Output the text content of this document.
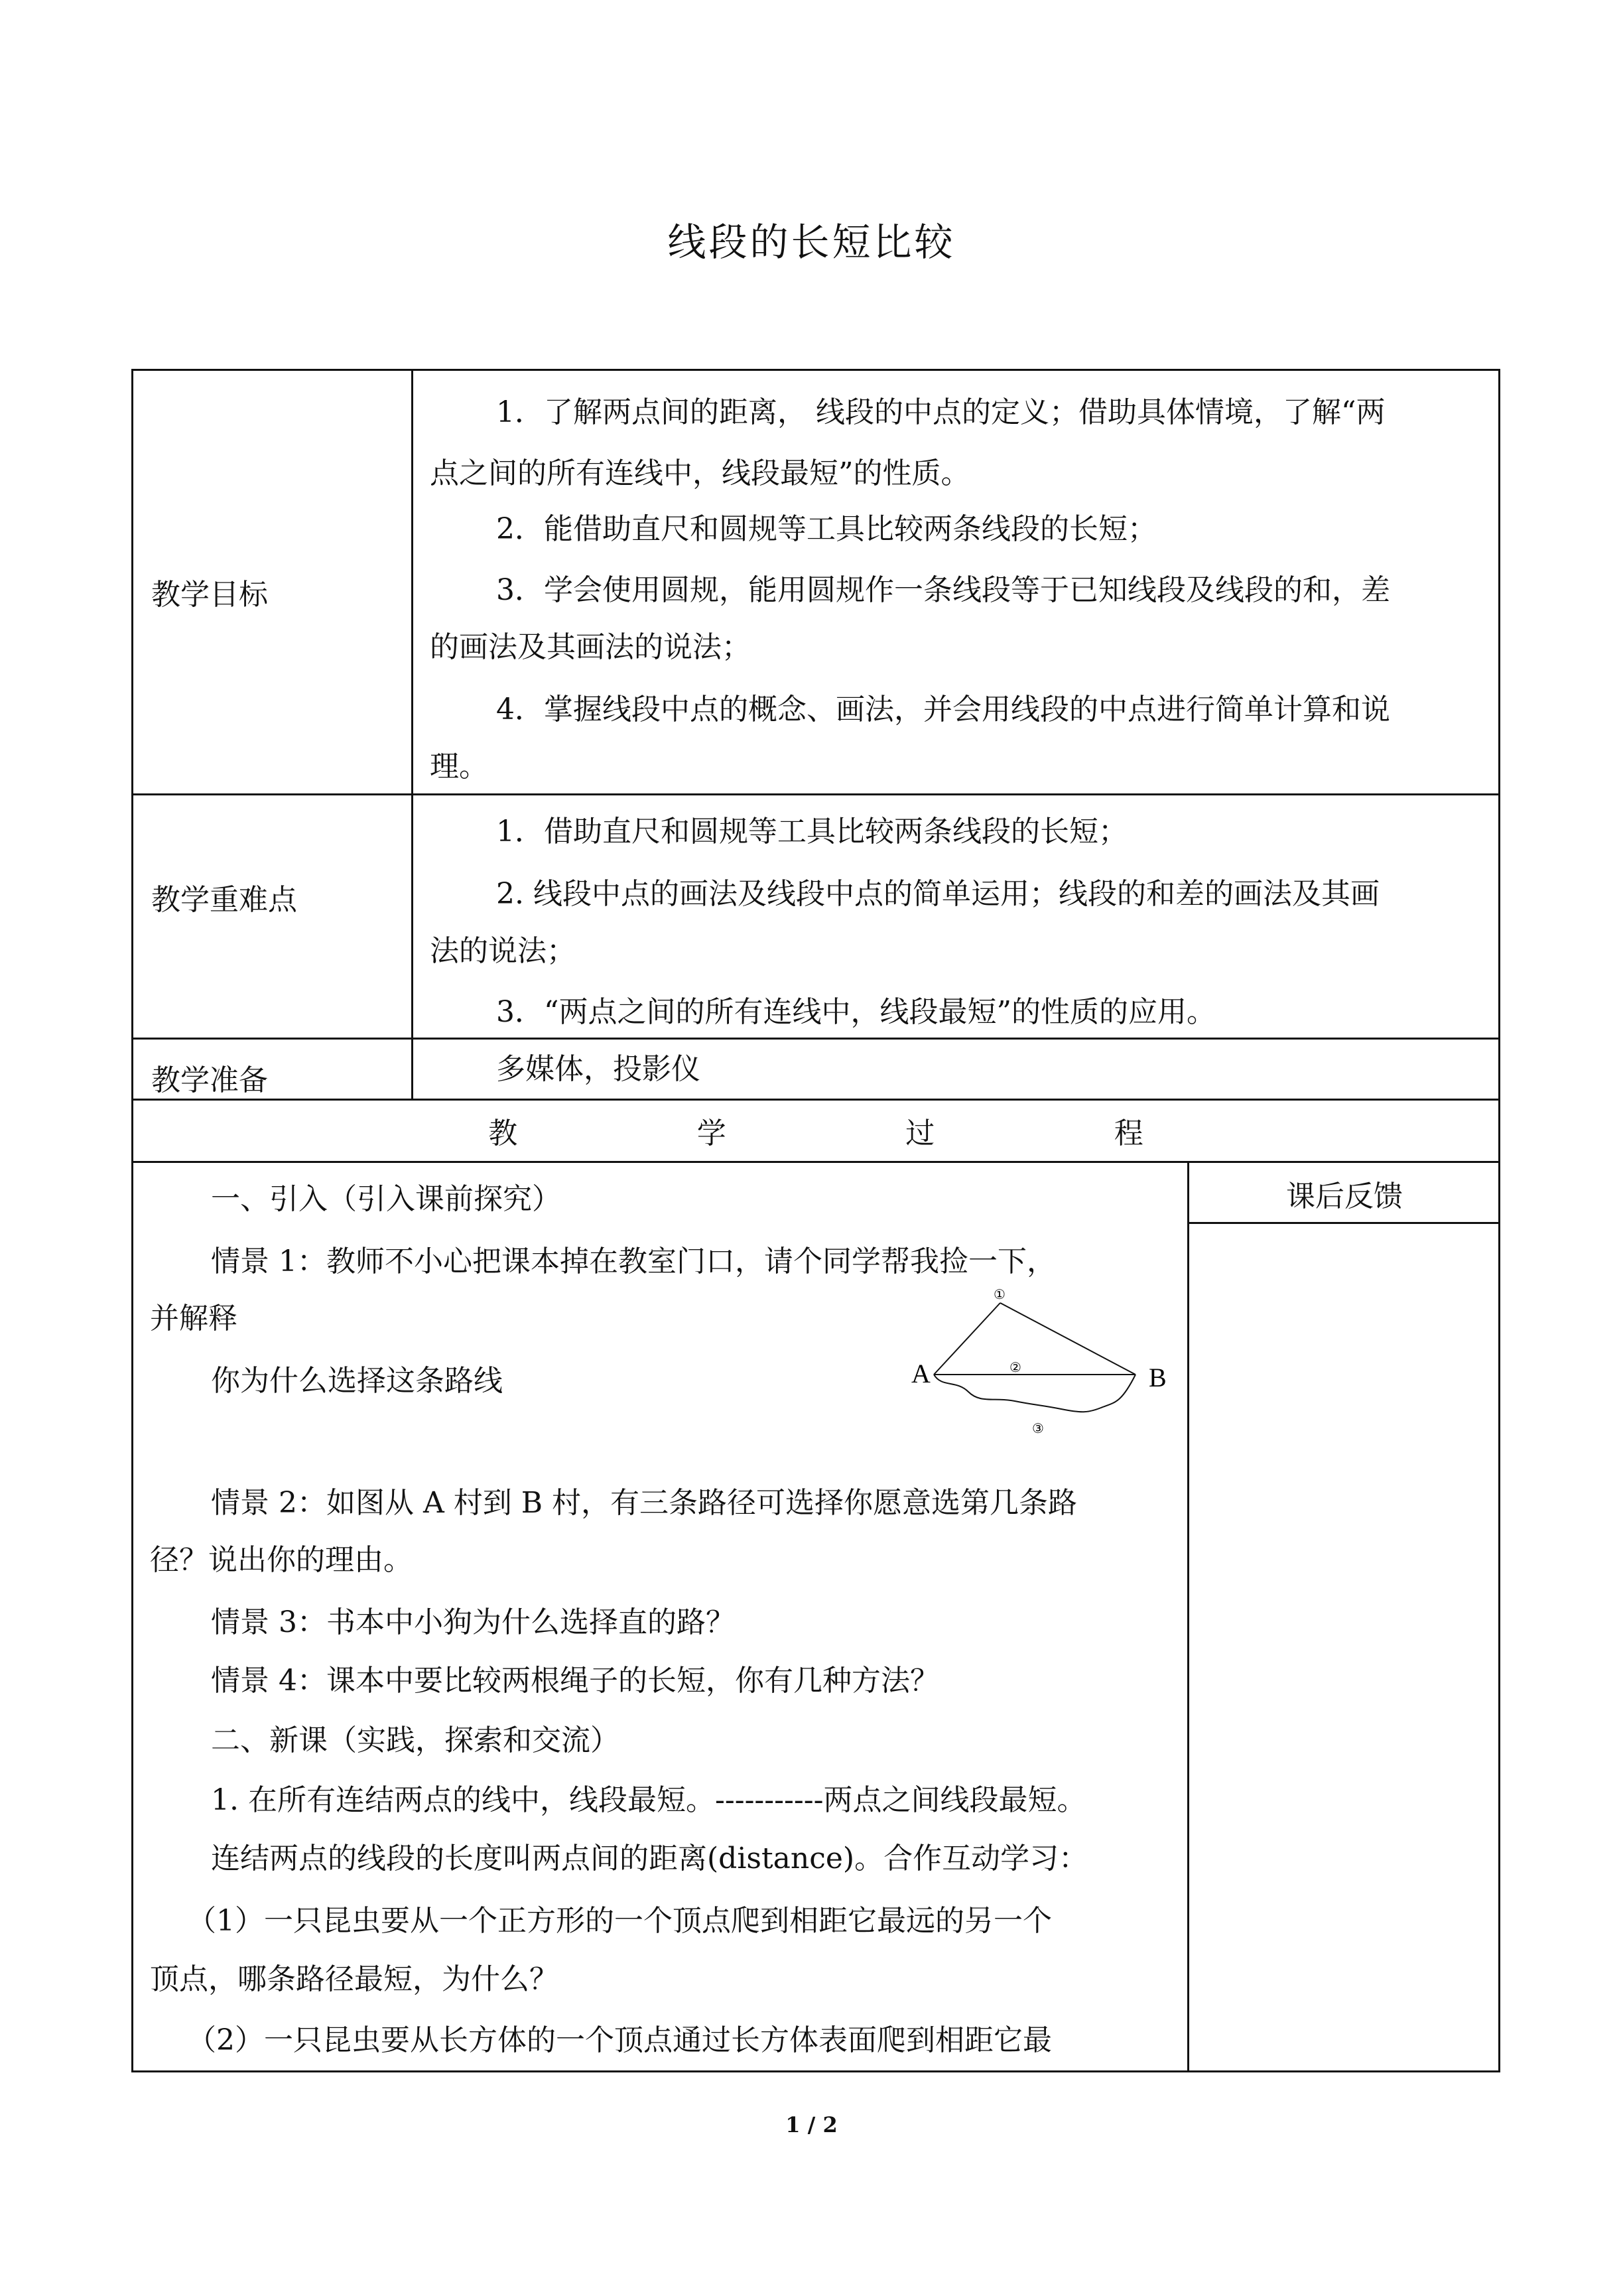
线段的长短比较
教学目标
1．了解两点间的距离， 线段的中点的定义；借助具体情境，了解“两
点之间的所有连线中，线段最短”的性质。
2．能借助直尺和圆规等工具比较两条线段的长短；
3．学会使用圆规，能用圆规作一条线段等于已知线段及线段的和，差
的画法及其画法的说法；
4．掌握线段中点的概念、画法，并会用线段的中点进行简单计算和说
理。
教学重难点
1．借助直尺和圆规等工具比较两条线段的长短；
2. 线段中点的画法及线段中点的简单运用；线段的和差的画法及其画
法的说法；
3．“两点之间的所有连线中，线段最短”的性质的应用。
教学准备	多媒体，投影仪
教	学	过	程
课后反馈
一、引入（引入课前探究）
情景 1：教师不小心把课本掉在教室门口，请个同学帮我捡一下，
并解释
你为什么选择这条路线
情景 2：如图从 A 村到 B 村，有三条路径可选择你愿意选第几条路
径？说出你的理由。
情景 3：书本中小狗为什么选择直的路？
情景 4：课本中要比较两根绳子的长短，你有几种方法？
二、新课（实践，探索和交流）
1. 在所有连结两点的线中，线段最短。-----------两点之间线段最短。
连结两点的线段的长度叫两点间的距离(distance)。合作互动学习：
（1）一只昆虫要从一个正方形的一个顶点爬到相距它最远的另一个
顶点，哪条路径最短，为什么？
（2）一只昆虫要从长方体的一个顶点通过长方体表面爬到相距它最
A	B
①
②
③
1 / 2
